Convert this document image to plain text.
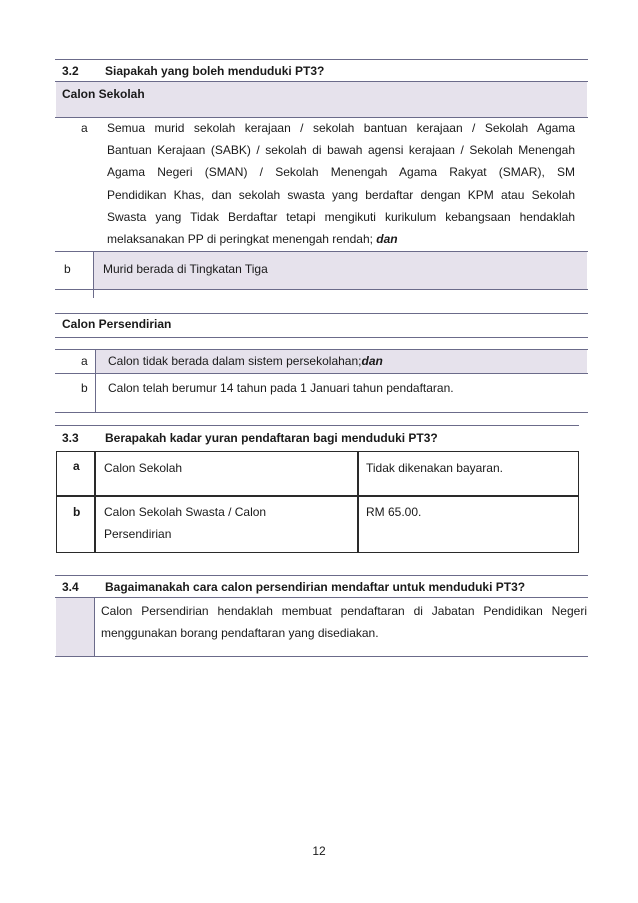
3.2 Siapakah yang boleh menduduki PT3?
Calon Sekolah
a Semua murid sekolah kerajaan / sekolah bantuan kerajaan / Sekolah Agama
Bantuan Kerajaan (SABK) / sekolah di bawah agensi kerajaan / Sekolah Menengah
Agama Negeri (SMAN) / Sekolah Menengah Agama Rakyat (SMAR), SM
Pendidikan Khas, dan sekolah swasta yang berdaftar dengan KPM atau Sekolah
Swasta yang Tidak Berdaftar tetapi mengikuti kurikulum kebangsaan hendaklah
melaksanakan PP di peringkat menengah rendah; dan
b	Murid berada di Tingkatan Tiga
Calon Persendirian
a Calon tidak berada dalam sistem persekolahan;dan
b Calon telah berumur 14 tahun pada 1 Januari tahun pendaftaran.
3.3 Berapakah kadar yuran pendaftaran bagi menduduki PT3?
a Calon Sekolah	Tidak dikenakan bayaran.
b Calon Sekolah Swasta / Calon
Persendirian
RM 65.00.
3.4 Bagaimanakah cara calon persendirian mendaftar untuk menduduki PT3?
Calon Persendirian hendaklah membuat pendaftaran di Jabatan Pendidikan Negeri
menggunakan borang pendaftaran yang disediakan.
12
